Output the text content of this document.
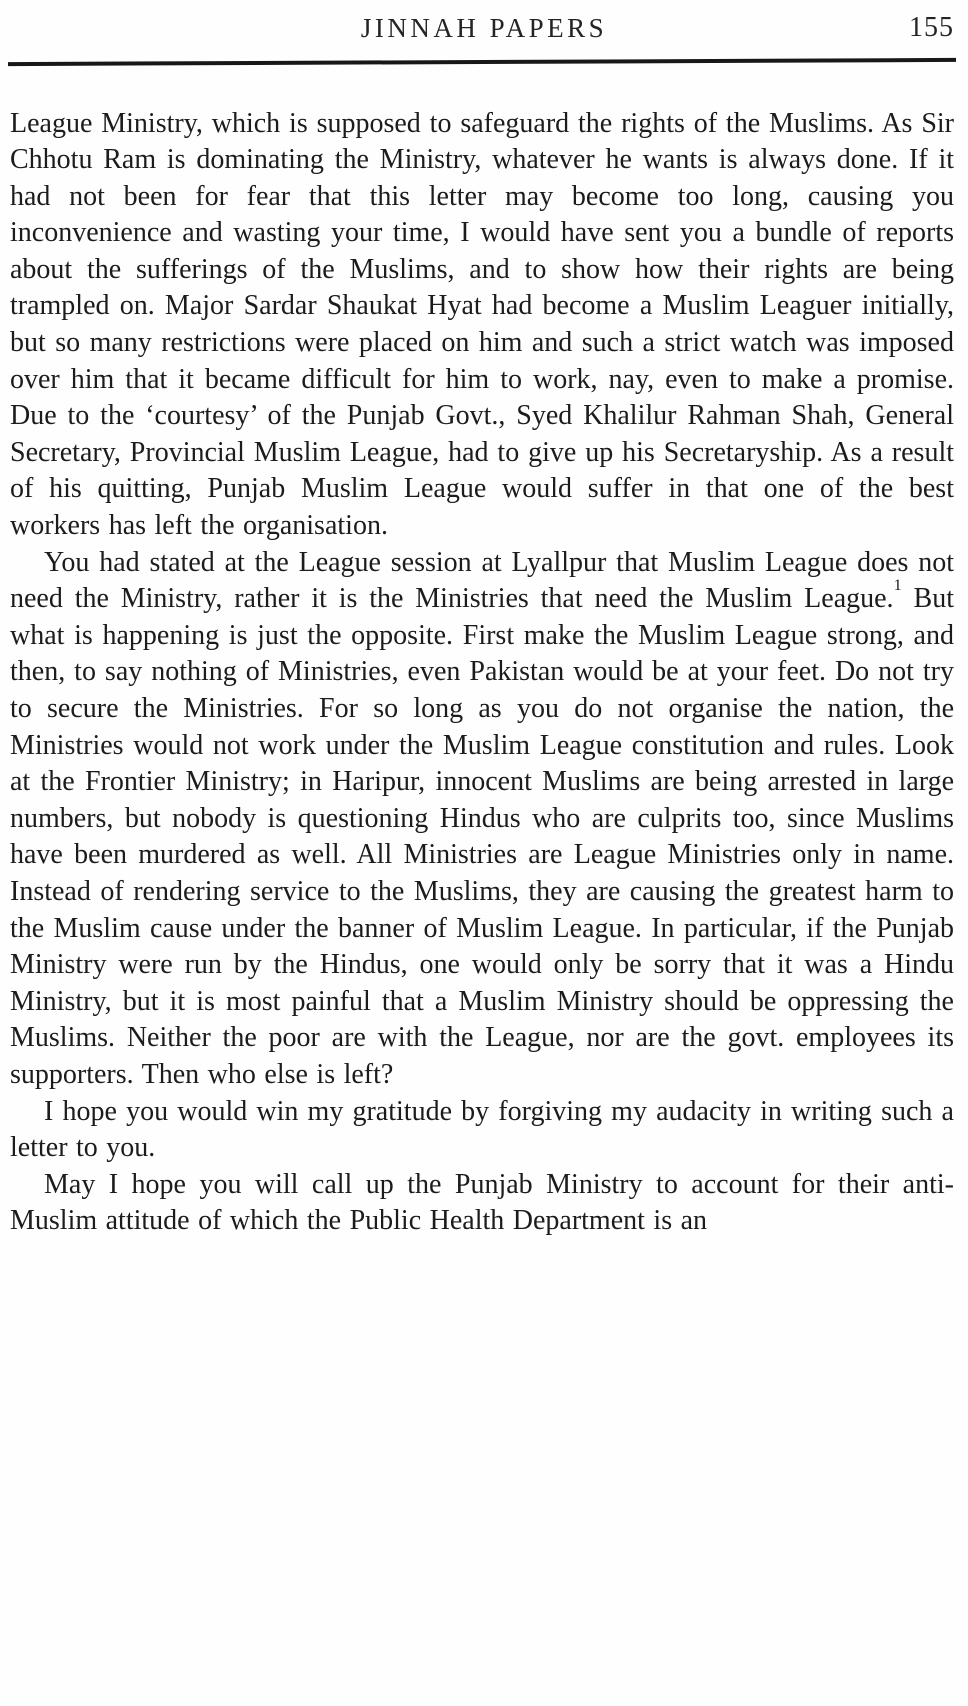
JINNAH PAPERS	155

League Ministry, which is supposed to safeguard the rights of the Muslims. As Sir Chhotu Ram is dominating the Ministry, whatever he wants is always done. If it had not been for fear that this letter may become too long, causing you inconvenience and wasting your time, I would have sent you a bundle of reports about the sufferings of the Muslims, and to show how their rights are being trampled on. Major Sardar Shaukat Hyat had become a Muslim Leaguer initially, but so many restrictions were placed on him and such a strict watch was imposed over him that it became difficult for him to work, nay, even to make a promise. Due to the ‘courtesy’ of the Punjab Govt., Syed Khalilur Rahman Shah, General Secretary, Provincial Muslim League, had to give up his Secretaryship. As a result of his quitting, Punjab Muslim League would suffer in that one of the best workers has left the organisation.

You had stated at the League session at Lyallpur that Muslim League does not need the Ministry, rather it is the Ministries that need the Muslim League.$^1$ But what is happening is just the opposite. First make the Muslim League strong, and then, to say nothing of Ministries, even Pakistan would be at your feet. Do not try to secure the Ministries. For so long as you do not organise the nation, the Ministries would not work under the Muslim League constitution and rules. Look at the Frontier Ministry; in Haripur, innocent Muslims are being arrested in large numbers, but nobody is questioning Hindus who are culprits too, since Muslims have been murdered as well. All Ministries are League Ministries only in name. Instead of rendering service to the Muslims, they are causing the greatest harm to the Muslim cause under the banner of Muslim League. In particular, if the Punjab Ministry were run by the Hindus, one would only be sorry that it was a Hindu Ministry, but it is most painful that a Muslim Ministry should be oppressing the Muslims. Neither the poor are with the League, nor are the govt. employees its supporters. Then who else is left?

I hope you would win my gratitude by forgiving my audacity in writing such a letter to you.

May I hope you will call up the Punjab Ministry to account for their anti-Muslim attitude of which the Public Health Department is an
